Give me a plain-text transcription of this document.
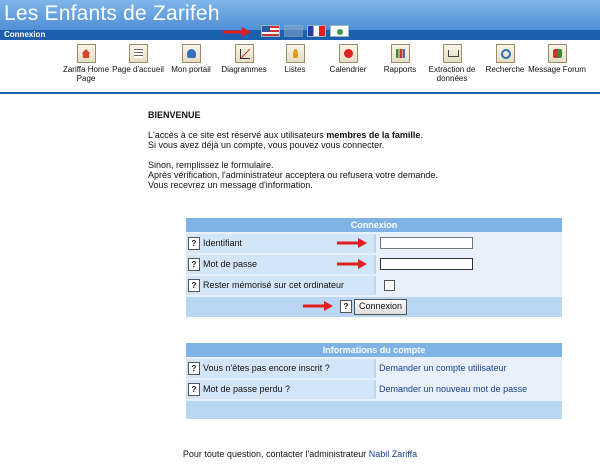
Les Enfants de Zarifeh
Connexion
Zariffa Home Page
Page d'accueil Mon portail	Diagrammes	Listes	Calendrier	Rapports	Extraction de données
Recherche Message Forum

BIENVENUE

L'accès à ce site est réservé aux utilisateurs membres de la famille.

Si vous avez déjà un compte, vous pouvez vous connecter.

Sinon, remplissez le formulaire.

Après vérification, l'administrateur acceptera ou refusera votre demande.

Vous recevrez un message d'information.

Connexion
? Identifiant
? Mot de passe
? Rester mémorisé sur cet ordinateur
?	Connexion
Informations du compte
? Vous n'êtes pas encore inscrit ?	Demander un compte utilisateur
? Mot de passe perdu ?	Demander un nouveau mot de passe
Pour toute question, contacter l'administrateur Nabil Zariffa
